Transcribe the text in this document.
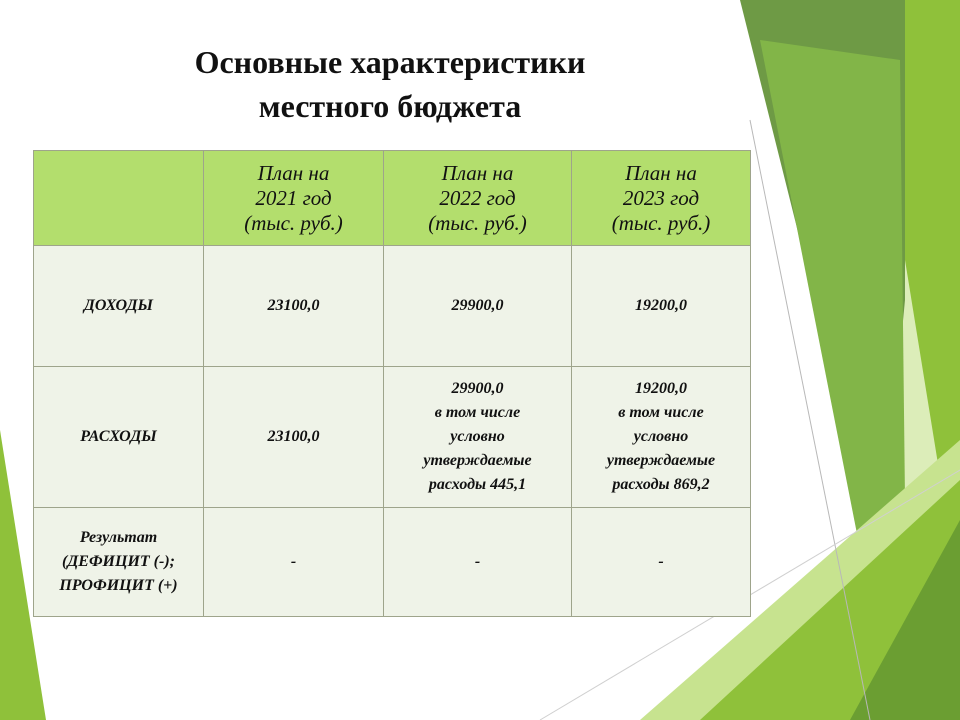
Основные характеристики
местного бюджета

	План на
2021 год
(тыс. руб.)	План на
2022 год
(тыс. руб.)	План на
2023 год
(тыс. руб.)

ДОХОДЫ	23100,0	29900,0	19200,0
РАСХОДЫ	23100,0	29900,0
в том числе
условно
утверждаемые
расходы 445,1	19200,0
в том числе
условно
утверждаемые
расходы 869,2

Результат
(ДЕФИЦИТ (-);
ПРОФИЦИТ (+)	-	-	-
